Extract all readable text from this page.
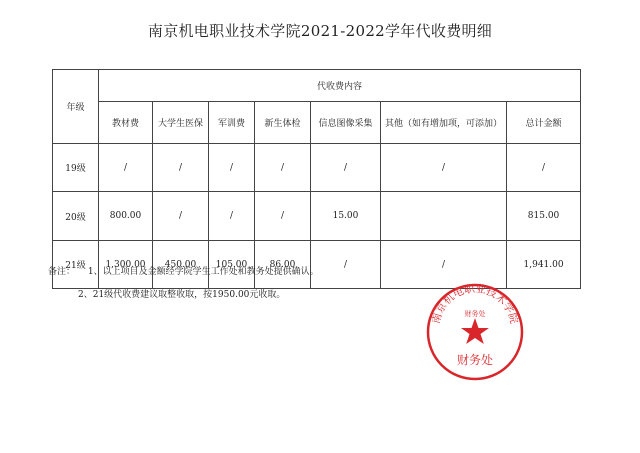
南京机电职业技术学院2021-2022学年代收费明细
年级	代收费内容						
	教材费	大学生医保	军训费	新生体检	信息图像采集	其他（如有增加项，可添加）	总计金额
19级	/	/	/	/	/	/	/
20级	800.00	/	/	/	15.00		815.00
21级	1,300.00	450.00	105.00	86.00	/	/	1,941.00
备注： 1、以上项目及金额经学院学生工作处和教务处提供确认。
2、21级代收费建议取整收取，按1950.00元收取。
南京机电职业技术学院
财务处
财务处
